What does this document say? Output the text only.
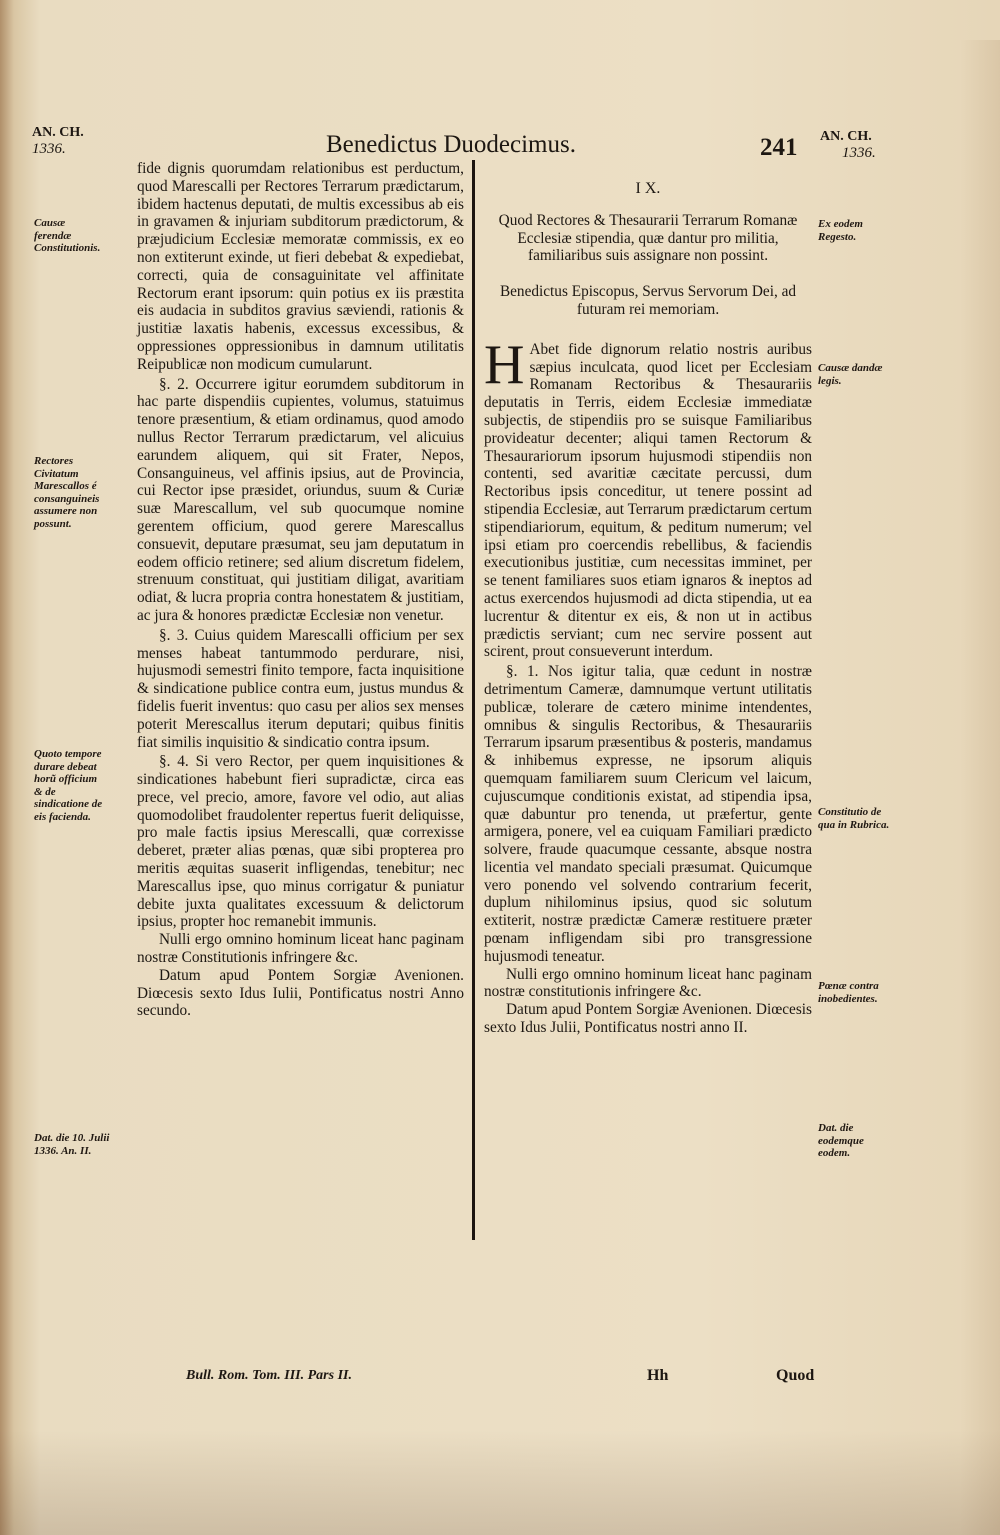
AN. CH.
1336.	Benedictus Duodecimus.	241 AN. CH.
1336.
Causæ ferendæ Constitutionis.
Rectores Civitatum Marescallos é consanguineis assumere non possunt.
Quoto tempore durare debeat horũ officium & de sindicatione de eis facienda.
Dat. die 10. Julii 1336. An. II.

fide dignis quorumdam relationibus est perductum, quod Marescalli per Rectores Terrarum prædictarum, ibidem hactenus deputati, de multis excessibus ab eis in gravamen & injuriam subditorum prædictorum, & præjudicium Ecclesiæ memoratæ commissis, ex eo non extiterunt exinde, ut fieri debebat & expediebat, correcti, quia de consaguinitate vel affinitate Rectorum erant ipsorum: quin potius ex iis præstita eis audacia in subditos gravius sæviendi, rationis & justitiæ laxatis habenis, excessus excessibus, & oppressiones oppressionibus in damnum utilitatis Reipublicæ non modicum cumularunt.

§. 2. Occurrere igitur eorumdem subditorum in hac parte dispendiis cupientes, volumus, statuimus tenore præsentium, & etiam ordinamus, quod amodo nullus Rector Terrarum prædictarum, vel alicuius earundem aliquem, qui sit Frater, Nepos, Consanguineus, vel affinis ipsius, aut de Provincia, cui Rector ipse præsidet, oriundus, suum & Curiæ suæ Marescallum, vel sub quocumque nomine gerentem officium, quod gerere Marescallus consuevit, deputare præsumat, seu jam deputatum in eodem officio retinere; sed alium discretum fidelem, strenuum constituat, qui justitiam diligat, avaritiam odiat, & lucra propria contra honestatem & justitiam, ac jura & honores prædictæ Ecclesiæ non venetur.

§. 3. Cuius quidem Marescalli officium per sex menses habeat tantummodo perdurare, nisi, hujusmodi semestri finito tempore, facta inquisitione & sindicatione publice contra eum, justus mundus & fidelis fuerit inventus: quo casu per alios sex menses poterit Merescallus iterum deputari; quibus finitis fiat similis inquisitio & sindicatio contra ipsum.

§. 4. Si vero Rector, per quem inquisitiones & sindicationes habebunt fieri supradictæ, circa eas prece, vel precio, amore, favore vel odio, aut alias quomodolibet fraudolenter repertus fuerit deliquisse, pro male factis ipsius Merescalli, quæ correxisse deberet, præter alias pœnas, quæ sibi propterea pro meritis æquitas suaserit infligendas, tenebitur; nec Marescallus ipse, quo minus corrigatur & puniatur debite juxta qualitates excessuum & delictorum ipsius, propter hoc remanebit immunis.

Nulli ergo omnino hominum liceat hanc paginam nostræ Constitutionis infringere &c.

Datum apud Pontem Sorgiæ Avenionen. Diœcesis sexto Idus Iulii, Pontificatus nostri Anno secundo.

I X.

Quod Rectores & Thesaurarii Terrarum Romanæ Ecclesiæ stipendia, quæ dantur pro militia, familiaribus suis assignare non possint.

Benedictus Episcopus, Servus Servorum Dei, ad futuram rei memoriam.

H Abet fide dignorum relatio nostris auribus sæpius inculcata, quod licet per Ecclesiam Romanam Rectoribus & Thesaurariis deputatis in Terris, eidem Ecclesiæ immediatæ subjectis, de stipendiis pro se suisque Familiaribus provideatur decenter; aliqui tamen Rectorum & Thesaurariorum ipsorum hujusmodi stipendiis non contenti, sed avaritiæ cæcitate percussi, dum Rectoribus ipsis conceditur, ut tenere possint ad stipendia Ecclesiæ, aut Terrarum prædictarum certum stipendiariorum, equitum, & peditum numerum; vel ipsi etiam pro coercendis rebellibus, & faciendis executionibus justitiæ, cum necessitas imminet, per se tenent familiares suos etiam ignaros & ineptos ad actus exercendos hujusmodi ad dicta stipendia, ut ea lucrentur & ditentur ex eis, & non ut in actibus prædictis serviant; cum nec servire possent aut scirent, prout consueverunt interdum.

§. 1. Nos igitur talia, quæ cedunt in nostræ detrimentum Cameræ, damnumque vertunt utilitatis publicæ, tolerare de cætero minime intendentes, omnibus & singulis Rectoribus, & Thesaurariis Terrarum ipsarum præsentibus & posteris, mandamus & inhibemus expresse, ne ipsorum aliquis quemquam familiarem suum Clericum vel laicum, cujuscumque conditionis existat, ad stipendia ipsa, quæ dabuntur pro tenenda, ut præfertur, gente armigera, ponere, vel ea cuiquam Familiari prædicto solvere, fraude quacumque cessante, absque nostra licentia vel mandato speciali præsumat. Quicumque vero ponendo vel solvendo contrarium fecerit, duplum nihilominus ipsius, quod sic solutum extiterit, nostræ prædictæ Cameræ restituere præter pœnam infligendam sibi pro transgressione hujusmodi teneatur.

Nulli ergo omnino hominum liceat hanc paginam nostræ constitutionis infringere &c.

Datum apud Pontem Sorgiæ Avenionen. Diœcesis sexto Idus Julii, Pontificatus nostri anno II.

Ex eodem Regesto.
Causæ dandæ legis.
Constitutio de qua in Rubrica.
Pœnæ contra inobedientes.
Dat. die eodemque eodem.
Bull. Rom. Tom. III. Pars II.	Hh	Quod
